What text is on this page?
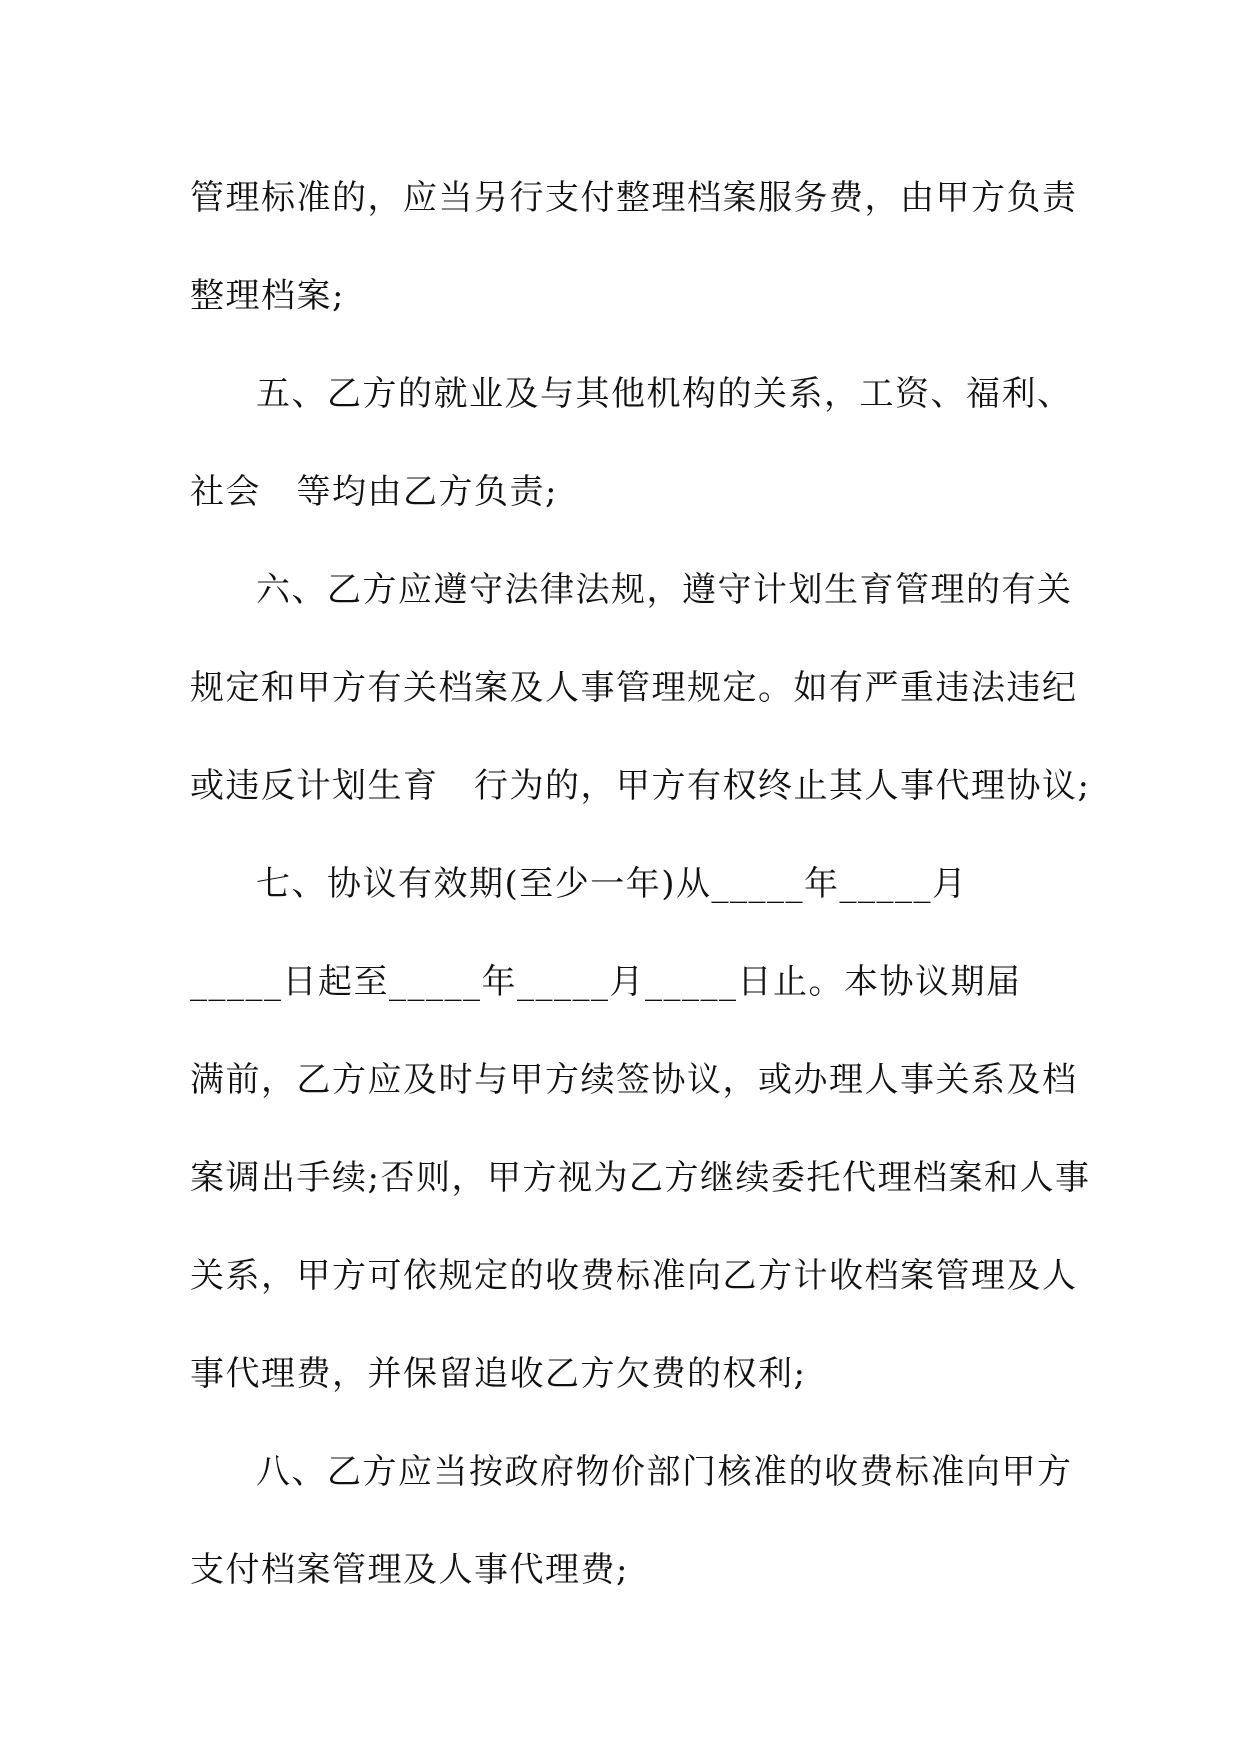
管理标准的，应当另行支付整理档案服务费，由甲方负责
整理档案;
五、乙方的就业及与其他机构的关系，工资、福利、
社会　等均由乙方负责;
六、乙方应遵守法律法规，遵守计划生育管理的有关
规定和甲方有关档案及人事管理规定。如有严重违法违纪
或违反计划生育　行为的，甲方有权终止其人事代理协议;
七、协议有效期(至少一年)从_____年_____月
_____日起至_____年_____月_____日止。本协议期届
满前，乙方应及时与甲方续签协议，或办理人事关系及档
案调出手续;否则，甲方视为乙方继续委托代理档案和人事
关系，甲方可依规定的收费标准向乙方计收档案管理及人
事代理费，并保留追收乙方欠费的权利;
八、乙方应当按政府物价部门核准的收费标准向甲方
支付档案管理及人事代理费;
